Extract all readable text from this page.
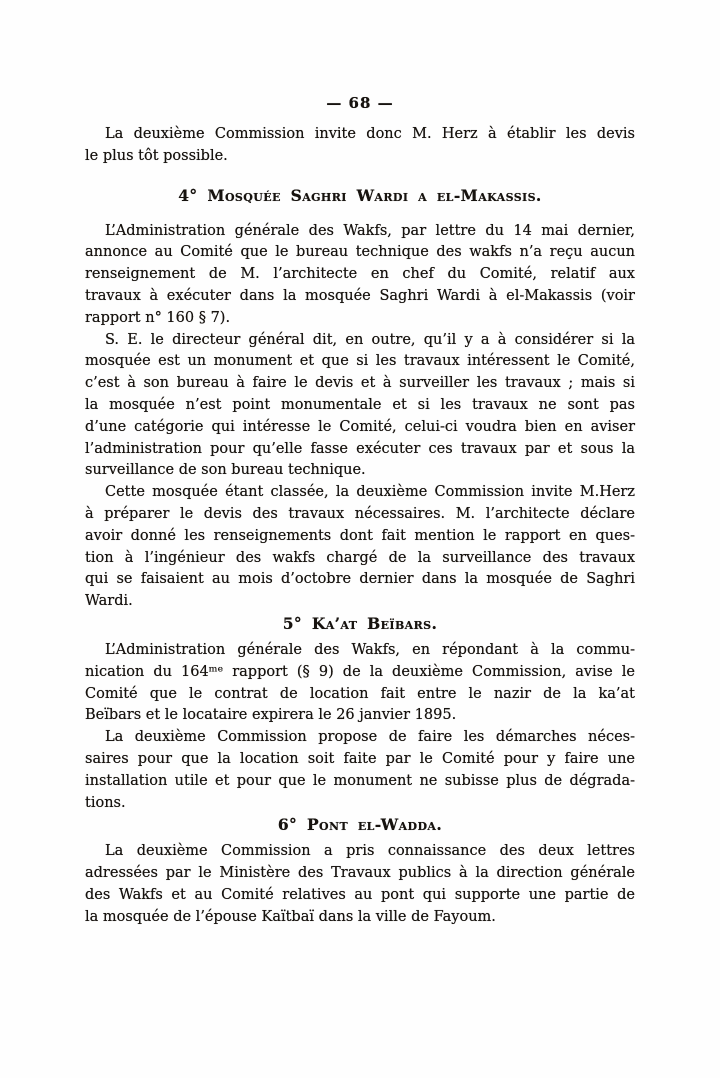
— 68 —
La deuxième Commission invite donc M. Herz à établir les devis
le plus tôt possible.
4° Mosquée Saghri Wardi a el-Makassis.
L’Administration générale des Wakfs, par lettre du 14 mai dernier,
annonce au Comité que le bureau technique des wakfs n’a reçu aucun
renseignement de M. l’architecte en chef du Comité, relatif aux
travaux à exécuter dans la mosquée Saghri Wardi à el-Makassis (voir
rapport n° 160 § 7).
S. E. le directeur général dit, en outre, qu’il y a à considérer si la
mosquée est un monument et que si les travaux intéressent le Comité,
c’est à son bureau à faire le devis et à surveiller les travaux ; mais si
la mosquée n’est point monumentale et si les travaux ne sont pas
d’une catégorie qui intéresse le Comité, celui-ci voudra bien en aviser
l’administration pour qu’elle fasse exécuter ces travaux par et sous la
surveillance de son bureau technique.
Cette mosquée étant classée, la deuxième Commission invite M.Herz
à préparer le devis des travaux nécessaires. M. l’architecte déclare
avoir donné les renseignements dont fait mention le rapport en ques-
tion à l’ingénieur des wakfs chargé de la surveillance des travaux
qui se faisaient au mois d’octobre dernier dans la mosquée de Saghri
Wardi.
5° Ka’at Beïbars.
L’Administration générale des Wakfs, en répondant à la commu-
nication du 164ᵐᵉ rapport (§ 9) de la deuxième Commission, avise le
Comité que le contrat de location fait entre le nazir de la ka’at
Beïbars et le locataire expirera le 26 janvier 1895.
La deuxième Commission propose de faire les démarches néces-
saires pour que la location soit faite par le Comité pour y faire une
installation utile et pour que le monument ne subisse plus de dégrada-
tions.
6° Pont el-Wadda.
La deuxième Commission a pris connaissance des deux lettres
adressées par le Ministère des Travaux publics à la direction générale
des Wakfs et au Comité relatives au pont qui supporte une partie de
la mosquée de l’épouse Kaïtbaï dans la ville de Fayoum.
